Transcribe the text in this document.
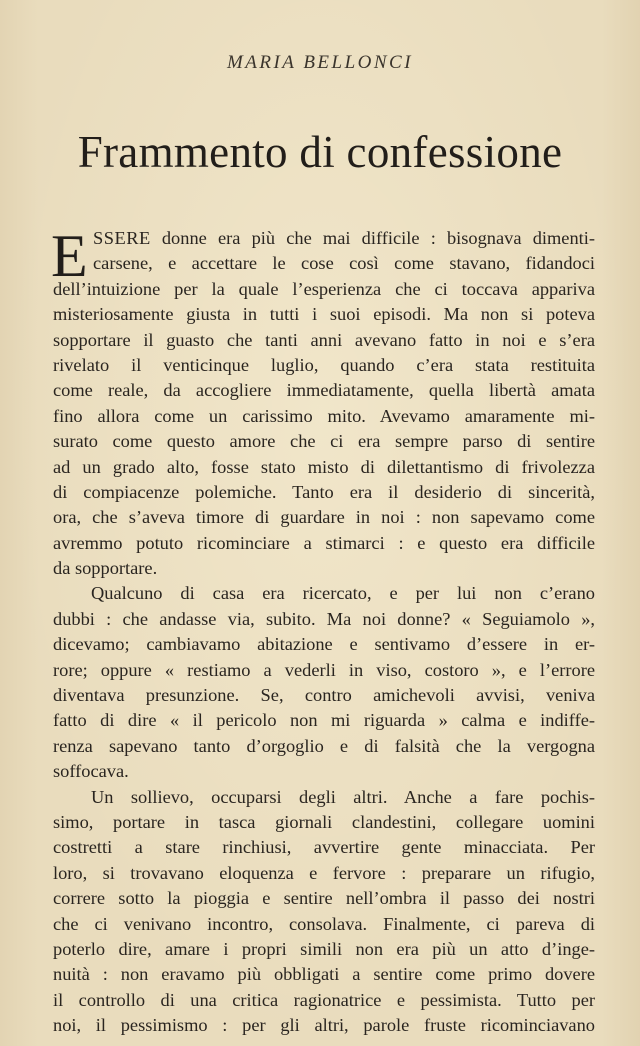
MARIA BELLONCI
Frammento di confessione
E SSERE donne era più che mai difficile : bisognava dimenti-
carsene, e accettare le cose così come stavano, fidandoci
dell’intuizione per la quale l’esperienza che ci toccava appariva
misteriosamente giusta in tutti i suoi episodi. Ma non si poteva
sopportare il guasto che tanti anni avevano fatto in noi e s’era
rivelato il venticinque luglio, quando c’era stata restituita
come reale, da accogliere immediatamente, quella libertà amata
fino allora come un carissimo mito. Avevamo amaramente mi-
surato come questo amore che ci era sempre parso di sentire
ad un grado alto, fosse stato misto di dilettantismo di frivolezza
di compiacenze polemiche. Tanto era il desiderio di sincerità,
ora, che s’aveva timore di guardare in noi : non sapevamo come
avremmo potuto ricominciare a stimarci : e questo era difficile
da sopportare.
Qualcuno di casa era ricercato, e per lui non c’erano
dubbi : che andasse via, subito. Ma noi donne? « Seguiamolo »,
dicevamo; cambiavamo abitazione e sentivamo d’essere in er-
rore; oppure « restiamo a vederli in viso, costoro », e l’errore
diventava presunzione. Se, contro amichevoli avvisi, veniva
fatto di dire « il pericolo non mi riguarda » calma e indiffe-
renza sapevano tanto d’orgoglio e di falsità che la vergogna
soffocava.
Un sollievo, occuparsi degli altri. Anche a fare pochis-
simo, portare in tasca giornali clandestini, collegare uomini
costretti a stare rinchiusi, avvertire gente minacciata. Per
loro, si trovavano eloquenza e fervore : preparare un rifugio,
correre sotto la pioggia e sentire nell’ombra il passo dei nostri
che ci venivano incontro, consolava. Finalmente, ci pareva di
poterlo dire, amare i propri simili non era più un atto d’inge-
nuità : non eravamo più obbligati a sentire come primo dovere
il controllo di una critica ragionatrice e pessimista. Tutto per
noi, il pessimismo : per gli altri, parole fruste ricominciavano
